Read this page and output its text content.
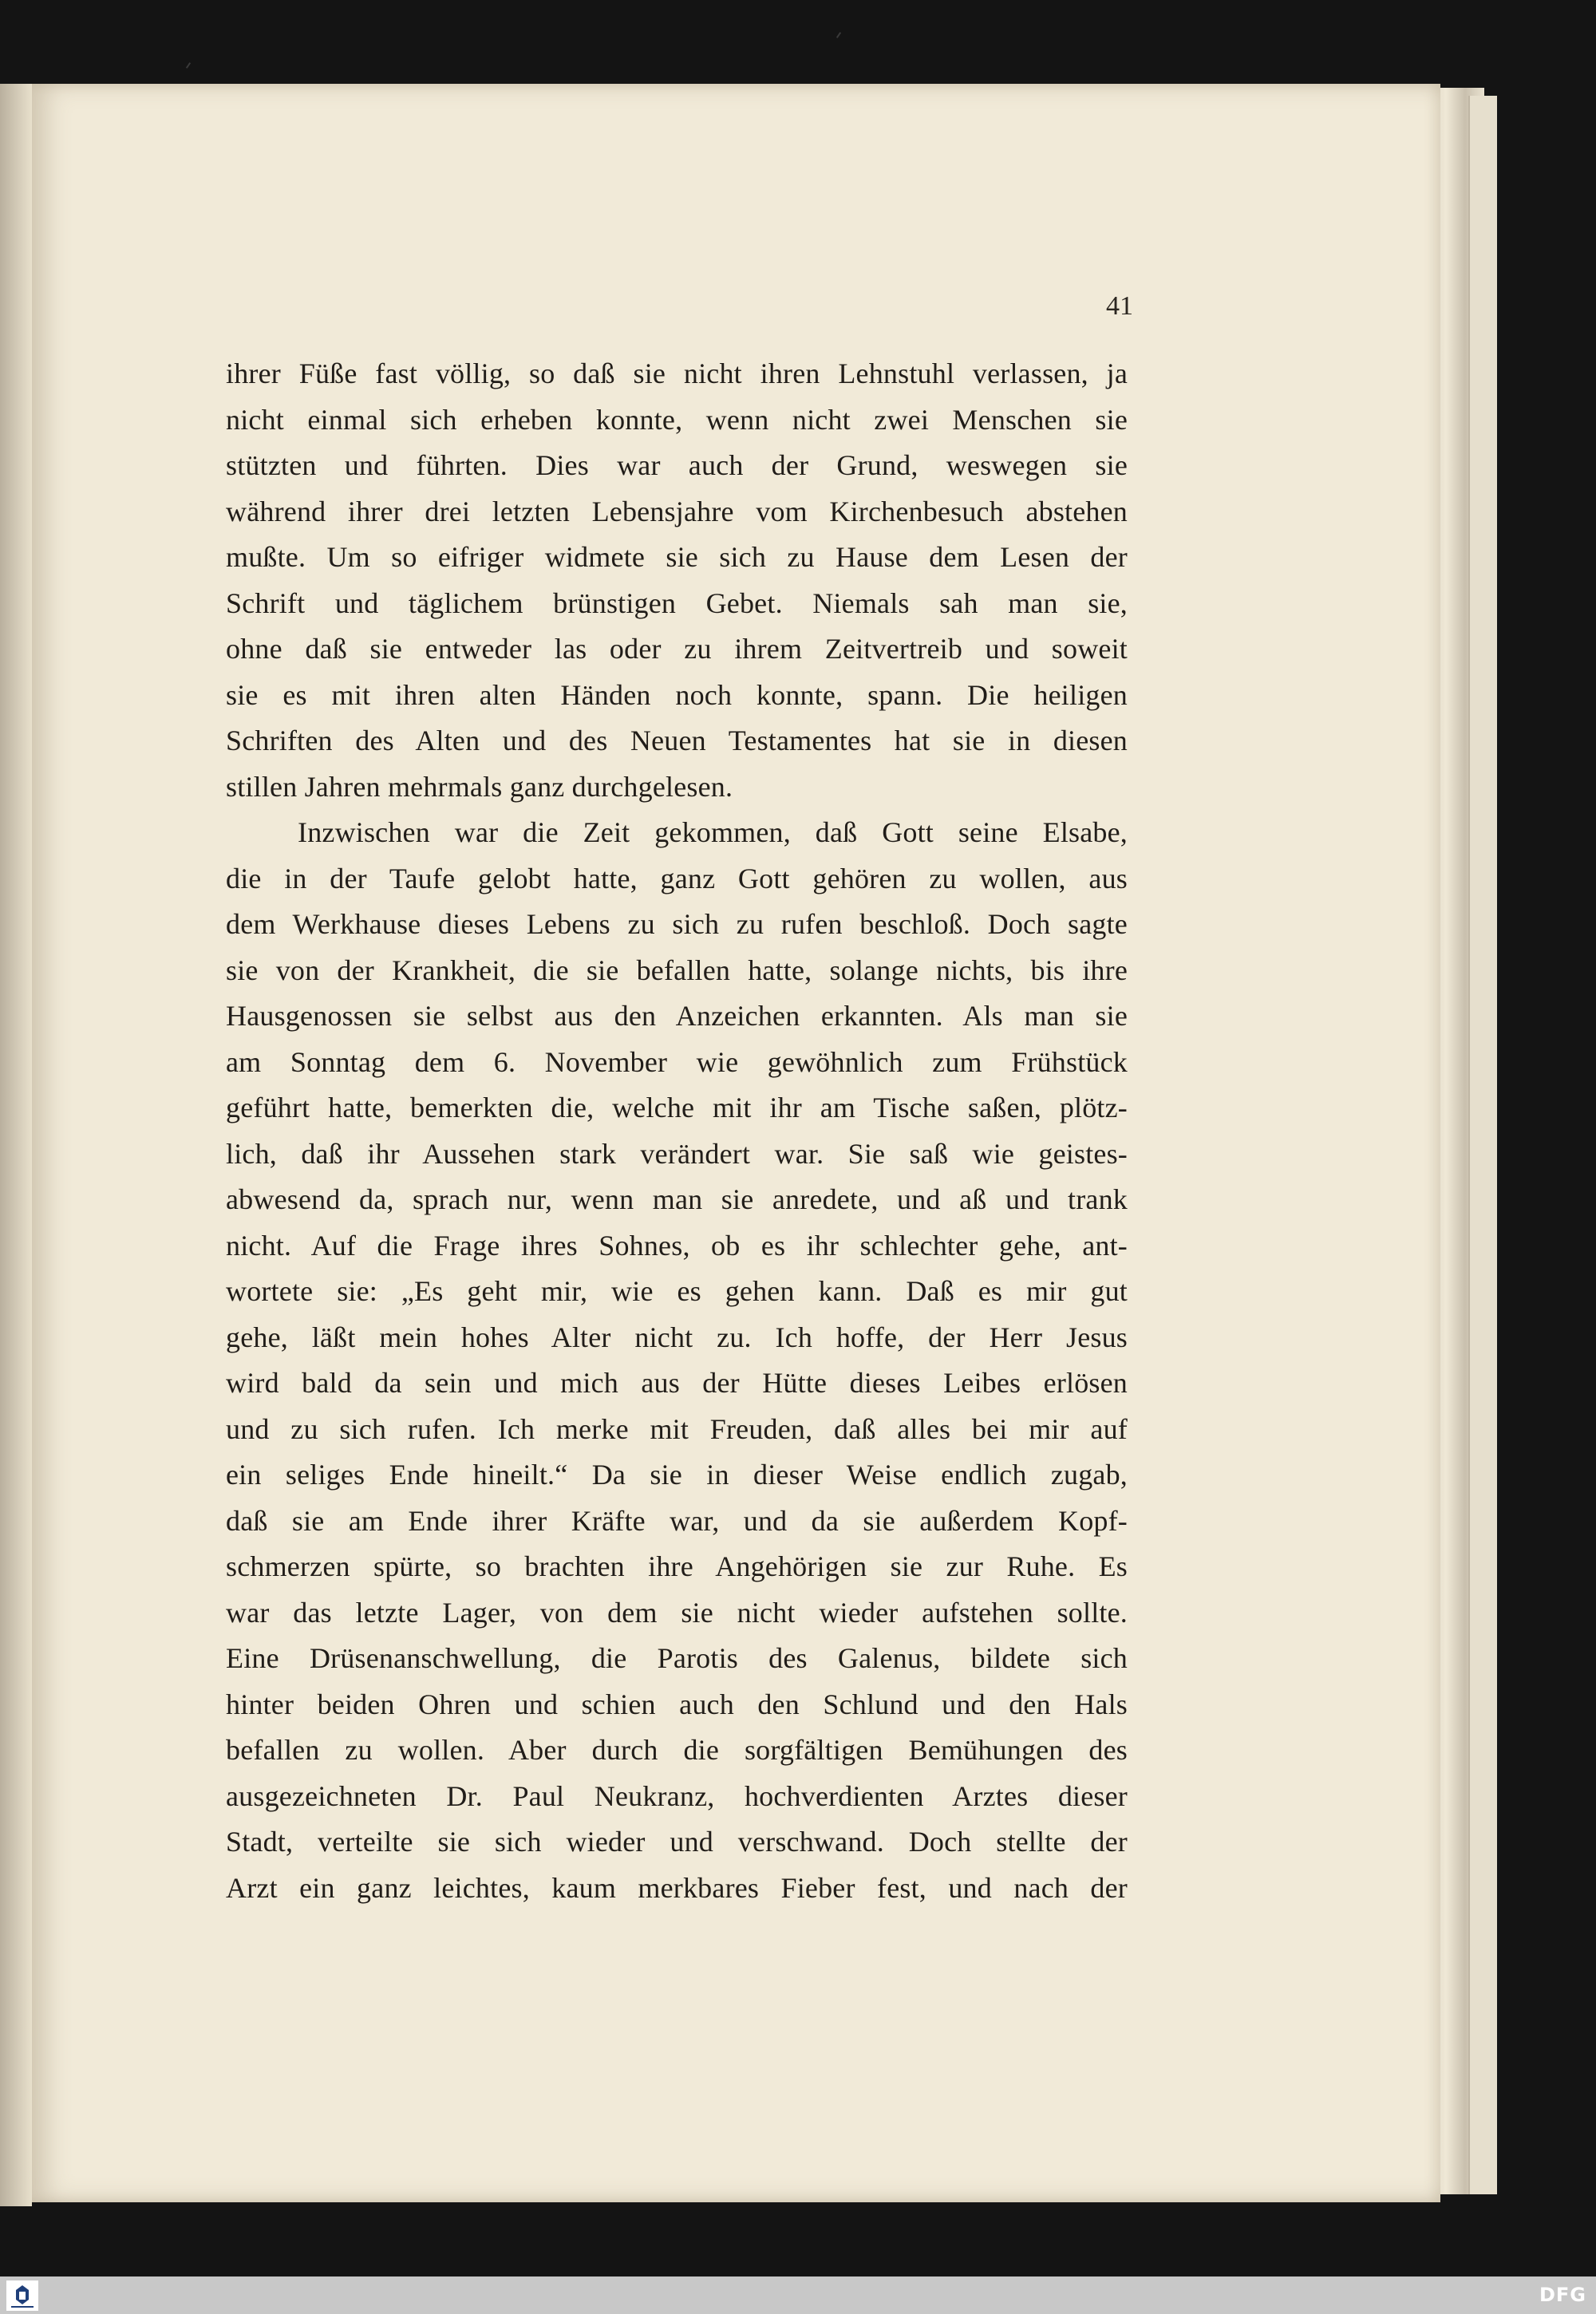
41
ihrer Füße fast völlig, so daß sie nicht ihren Lehnstuhl verlassen, ja
nicht einmal sich erheben konnte, wenn nicht zwei Menschen sie
stützten und führten. Dies war auch der Grund, weswegen sie
während ihrer drei letzten Lebensjahre vom Kirchenbesuch abstehen
mußte. Um so eifriger widmete sie sich zu Hause dem Lesen der
Schrift und täglichem brünstigen Gebet. Niemals sah man sie,
ohne daß sie entweder las oder zu ihrem Zeitvertreib und soweit
sie es mit ihren alten Händen noch konnte, spann. Die heiligen
Schriften des Alten und des Neuen Testamentes hat sie in diesen
stillen Jahren mehrmals ganz durchgelesen.
Inzwischen war die Zeit gekommen, daß Gott seine Elsabe,
die in der Taufe gelobt hatte, ganz Gott gehören zu wollen, aus
dem Werkhause dieses Lebens zu sich zu rufen beschloß. Doch sagte
sie von der Krankheit, die sie befallen hatte, solange nichts, bis ihre
Hausgenossen sie selbst aus den Anzeichen erkannten. Als man sie
am Sonntag dem 6. November wie gewöhnlich zum Frühstück
geführt hatte, bemerkten die, welche mit ihr am Tische saßen, plötz-
lich, daß ihr Aussehen stark verändert war. Sie saß wie geistes-
abwesend da, sprach nur, wenn man sie anredete, und aß und trank
nicht. Auf die Frage ihres Sohnes, ob es ihr schlechter gehe, ant-
wortete sie: „Es geht mir, wie es gehen kann. Daß es mir gut
gehe, läßt mein hohes Alter nicht zu. Ich hoffe, der Herr Jesus
wird bald da sein und mich aus der Hütte dieses Leibes erlösen
und zu sich rufen. Ich merke mit Freuden, daß alles bei mir auf
ein seliges Ende hineilt.“ Da sie in dieser Weise endlich zugab,
daß sie am Ende ihrer Kräfte war, und da sie außerdem Kopf-
schmerzen spürte, so brachten ihre Angehörigen sie zur Ruhe. Es
war das letzte Lager, von dem sie nicht wieder aufstehen sollte.
Eine Drüsenanschwellung, die Parotis des Galenus, bildete sich
hinter beiden Ohren und schien auch den Schlund und den Hals
befallen zu wollen. Aber durch die sorgfältigen Bemühungen des
ausgezeichneten Dr. Paul Neukranz, hochverdienten Arztes dieser
Stadt, verteilte sie sich wieder und verschwand. Doch stellte der
Arzt ein ganz leichtes, kaum merkbares Fieber fest, und nach der
DFG
